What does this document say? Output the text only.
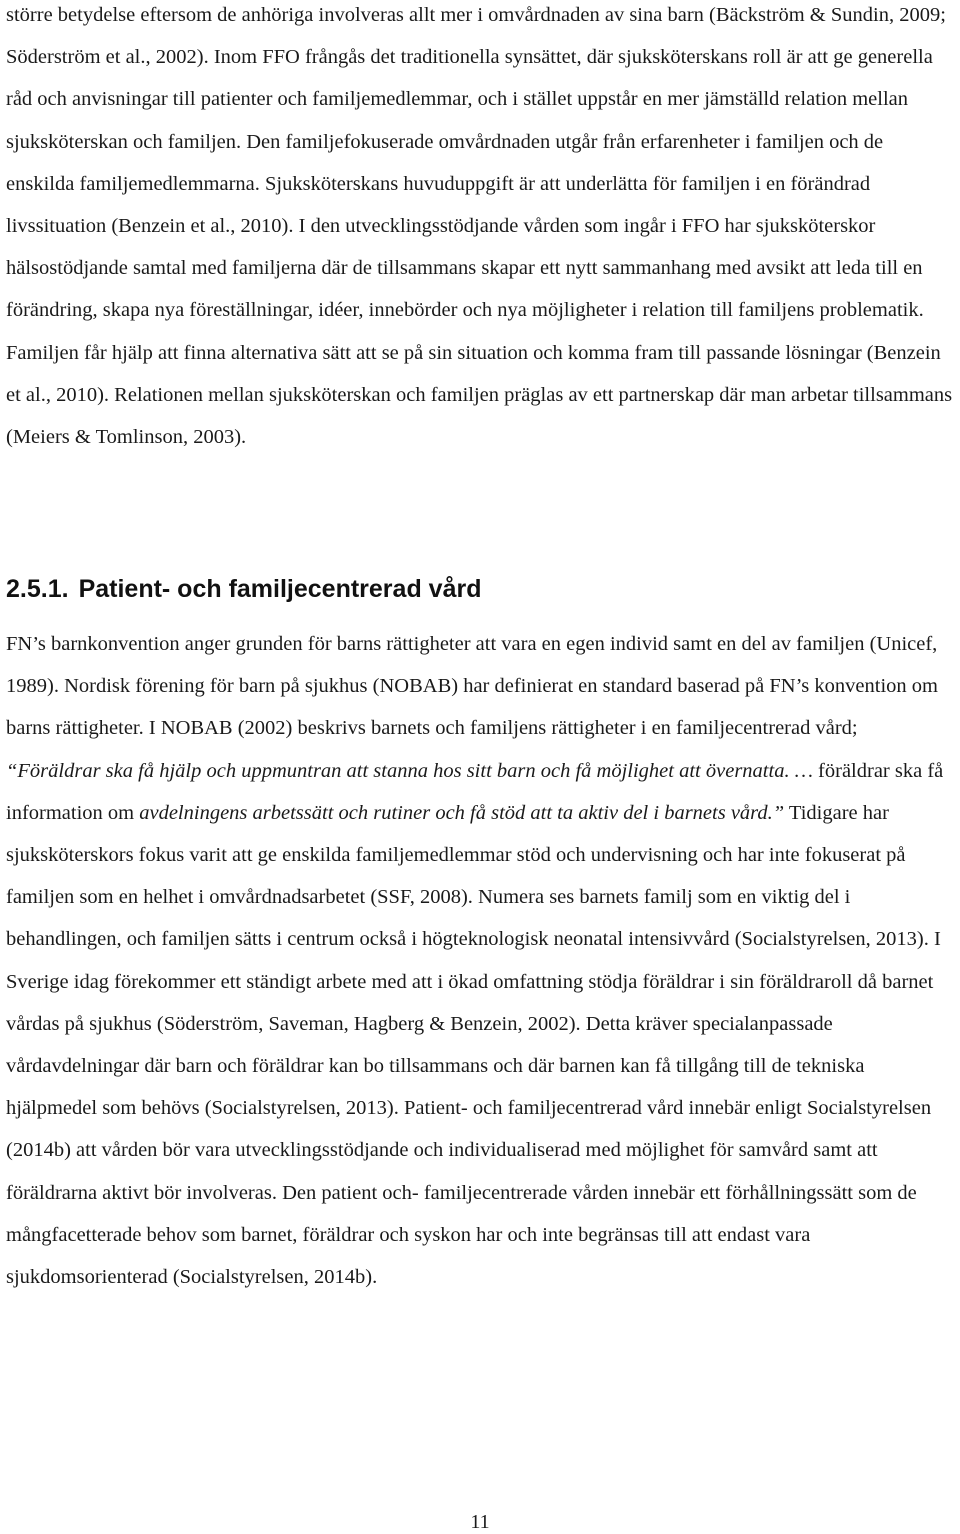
större betydelse eftersom de anhöriga involveras allt mer i omvårdnaden av sina barn (Bäckström & Sundin, 2009; Söderström et al., 2002). Inom FFO frångås det traditionella synsättet, där sjuksköterskans roll är att ge generella råd och anvisningar till patienter och familjemedlemmar, och i stället uppstår en mer jämställd relation mellan sjuksköterskan och familjen. Den familjefokuserade omvårdnaden utgår från erfarenheter i familjen och de enskilda familjemedlemmarna. Sjuksköterskans huvuduppgift är att underlätta för familjen i en förändrad livssituation (Benzein et al., 2010). I den utvecklingsstödjande vården som ingår i FFO har sjuksköterskor hälsostödjande samtal med familjerna där de tillsammans skapar ett nytt sammanhang med avsikt att leda till en förändring, skapa nya föreställningar, idéer, innebörder och nya möjligheter i relation till familjens problematik. Familjen får hjälp att finna alternativa sätt att se på sin situation och komma fram till passande lösningar (Benzein et al., 2010). Relationen mellan sjuksköterskan och familjen präglas av ett partnerskap där man arbetar tillsammans (Meiers & Tomlinson, 2003).

2.5.1. Patient- och familjecentrerad vård

FN’s barnkonvention anger grunden för barns rättigheter att vara en egen individ samt en del av familjen (Unicef, 1989). Nordisk förening för barn på sjukhus (NOBAB) har definierat en standard baserad på FN’s konvention om barns rättigheter. I NOBAB (2002) beskrivs barnets och familjens rättigheter i en familjecentrerad vård; “Föräldrar ska få hjälp och uppmuntran att stanna hos sitt barn och få möjlighet att övernatta. … föräldrar ska få information om avdelningens arbetssätt och rutiner och få stöd att ta aktiv del i barnets vård.” Tidigare har sjuksköterskors fokus varit att ge enskilda familjemedlemmar stöd och undervisning och har inte fokuserat på familjen som en helhet i omvårdnadsarbetet (SSF, 2008). Numera ses barnets familj som en viktig del i behandlingen, och familjen sätts i centrum också i högteknologisk neonatal intensivvård (Socialstyrelsen, 2013). I Sverige idag förekommer ett ständigt arbete med att i ökad omfattning stödja föräldrar i sin föräldraroll då barnet vårdas på sjukhus (Söderström, Saveman, Hagberg & Benzein, 2002). Detta kräver specialanpassade vårdavdelningar där barn och föräldrar kan bo tillsammans och där barnen kan få tillgång till de tekniska hjälpmedel som behövs (Socialstyrelsen, 2013). Patient- och familjecentrerad vård innebär enligt Socialstyrelsen (2014b) att vården bör vara utvecklingsstödjande och individualiserad med möjlighet för samvård samt att föräldrarna aktivt bör involveras. Den patient och- familjecentrerade vården innebär ett förhållningssätt som de mångfacetterade behov som barnet, föräldrar och syskon har och inte begränsas till att endast vara sjukdomsorienterad (Socialstyrelsen, 2014b).

11
